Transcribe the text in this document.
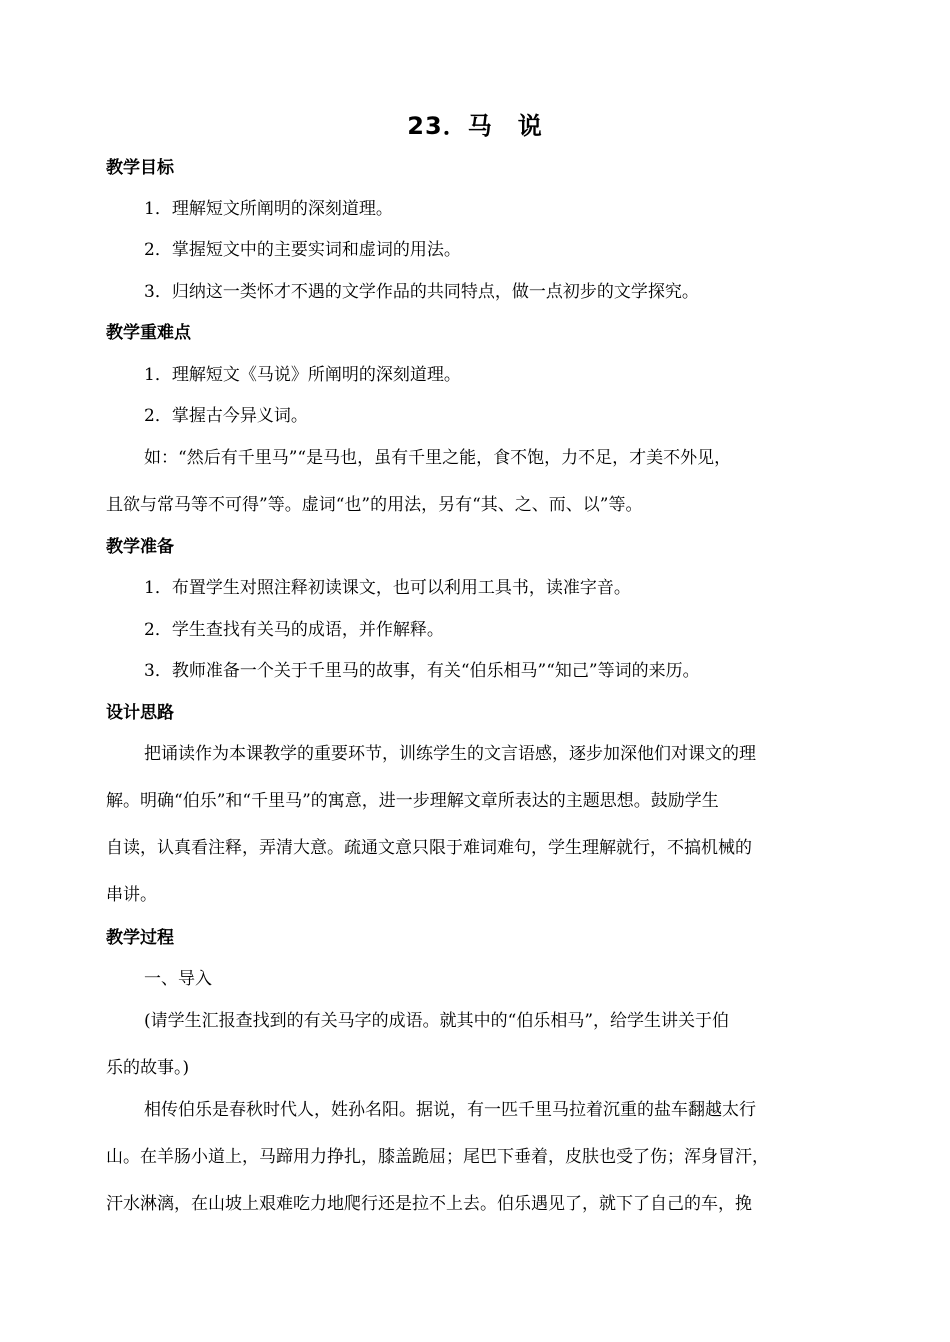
23．马　说
教学目标
1．理解短文所阐明的深刻道理。
2．掌握短文中的主要实词和虚词的用法。
3．归纳这一类怀才不遇的文学作品的共同特点，做一点初步的文学探究。
教学重难点
1．理解短文《马说》所阐明的深刻道理。
2．掌握古今异义词。
如：“然后有千里马”“是马也，虽有千里之能，食不饱，力不足，才美不外见，
且欲与常马等不可得”等。虚词“也”的用法，另有“其、之、而、以”等。
教学准备
1．布置学生对照注释初读课文，也可以利用工具书，读准字音。
2．学生查找有关马的成语，并作解释。
3．教师准备一个关于千里马的故事，有关“伯乐相马”“知己”等词的来历。
设计思路
把诵读作为本课教学的重要环节，训练学生的文言语感，逐步加深他们对课文的理
解。明确“伯乐”和“千里马”的寓意，进一步理解文章所表达的主题思想。鼓励学生
自读，认真看注释，弄清大意。疏通文意只限于难词难句，学生理解就行，不搞机械的
串讲。
教学过程
一、导入
(请学生汇报查找到的有关马字的成语。就其中的“伯乐相马”，给学生讲关于伯
乐的故事。)
相传伯乐是春秋时代人，姓孙名阳。据说，有一匹千里马拉着沉重的盐车翻越太行
山。在羊肠小道上，马蹄用力挣扎，膝盖跪屈；尾巴下垂着，皮肤也受了伤；浑身冒汗，
汗水淋漓，在山坡上艰难吃力地爬行还是拉不上去。伯乐遇见了，就下了自己的车，挽
